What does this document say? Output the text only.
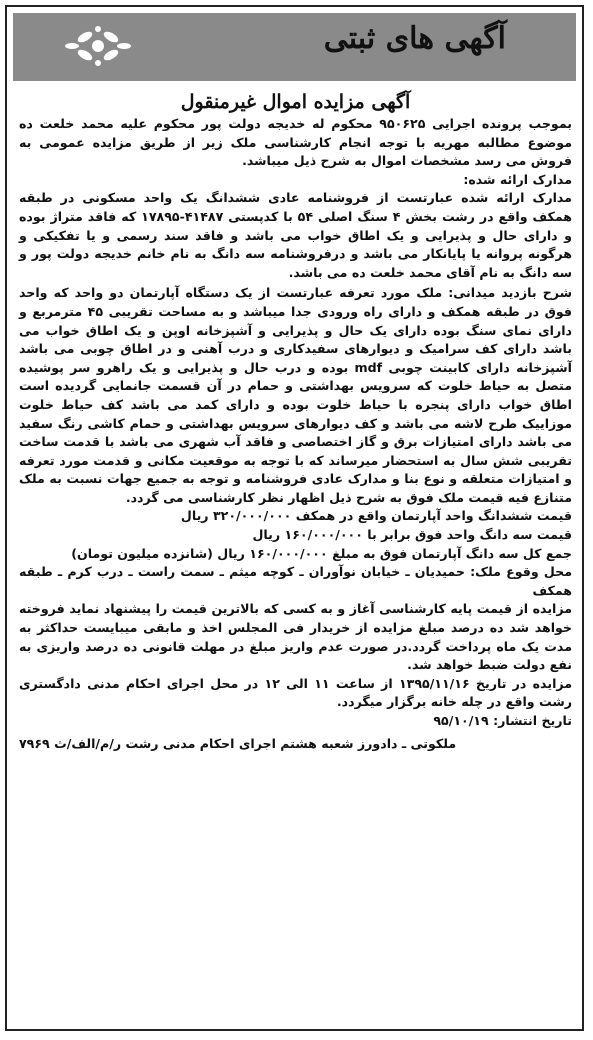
آگهی های ثبتی

آگهی مزایده اموال غیرمنقول

بموجب پرونده اجرایی ۹۵۰۶۲۵ محکوم له خدیجه دولت پور محکوم علیه محمد خلعت ده موضوع مطالبه مهریه با توجه انجام کارشناسی ملک زیر از طریق مزایده عمومی به فروش می رسد مشخصات اموال به شرح ذیل میباشد.

مدارک ارائه شده:

مدارک ارائه شده عبارتست از فروشنامه عادی ششدانگ یک واحد مسکونی در طبقه همکف واقع در رشت بخش ۴ سنگ اصلی ۵۴ با کدپستی ۴۱۴۸۷-۱۷۸۹۵ که فاقد متراژ بوده و دارای حال و پذیرایی و یک اطاق خواب می باشد و فاقد سند رسمی و یا تفکیکی و هرگونه پروانه یا پایانکار می باشد و درفروشنامه سه دانگ به نام خانم خدیجه دولت پور و سه دانگ به نام آقای محمد خلعت ده می باشد.

شرح بازدید میدانی: ملک مورد تعرفه عبارتست از یک دستگاه آپارتمان دو واحد که واحد فوق در طبقه همکف و دارای راه ورودی جدا میباشد و به مساحت تقریبی ۴۵ مترمربع و دارای نمای سنگ بوده دارای یک حال و پذیرایی و آشپزخانه اوپن و یک اطاق خواب می باشد دارای کف سرامیک و دیوارهای سفیدکاری و درب آهنی و در اطاق چوبی می باشد آشپزخانه دارای کابینت چوبی mdf بوده و درب حال و پذیرایی و یک راهرو سر پوشیده متصل به حیاط خلوت که سرویس بهداشتی و حمام در آن قسمت جانمایی گردیده است اطاق خواب دارای پنجره با حیاط خلوت بوده و دارای کمد می باشد کف حیاط خلوت موزاییک طرح لاشه می باشد و کف دیوارهای سرویس بهداشتی و حمام کاشی رنگ سفید می باشد دارای امتیازات برق و گاز اختصاصی و فاقد آب شهری می باشد با قدمت ساخت تقریبی شش سال به استحضار میرساند که با توجه به موقعیت مکانی و قدمت مورد تعرفه و امتیازات متعلقه و نوع بنا و مدارک عادی فروشنامه و توجه به جمیع جهات نسبت به ملک متنازع فیه قیمت ملک فوق به شرح ذیل اظهار نظر کارشناسی می گردد.

قیمت ششدانگ واحد آپارتمان واقع در همکف ۳۲۰/۰۰۰/۰۰۰ ریال

قیمت سه دانگ واحد فوق برابر با ۱۶۰/۰۰۰/۰۰۰ ریال

جمع کل سه دانگ آپارتمان فوق به مبلغ ۱۶۰/۰۰۰/۰۰۰ ریال (شانزده میلیون تومان)

محل وقوع ملک: حمیدیان ـ خیابان نوآوران ـ کوچه میثم ـ سمت راست ـ درب کرم ـ طبقه همکف

مزایده از قیمت پایه کارشناسی آغاز و به کسی که بالاترین قیمت را پیشنهاد نماید فروخته خواهد شد ده درصد مبلغ مزایده از خریدار فی المجلس اخذ و مابقی میبایست حداکثر به مدت یک ماه پرداخت گردد.در صورت عدم واریز مبلغ در مهلت قانونی ده درصد واریزی به نفع دولت ضبط خواهد شد.

مزایده در تاریخ ۱۳۹۵/۱۱/۱۶ از ساعت ۱۱ الی ۱۲ در محل اجرای احکام مدنی دادگستری رشت واقع در چله خانه برگزار میگردد.

تاریخ انتشار: ۹۵/۱۰/۱۹

ملکوتی ـ دادورز شعبه هشتم اجرای احکام مدنی رشت ر/م/الف/ث ۷۹۶۹
